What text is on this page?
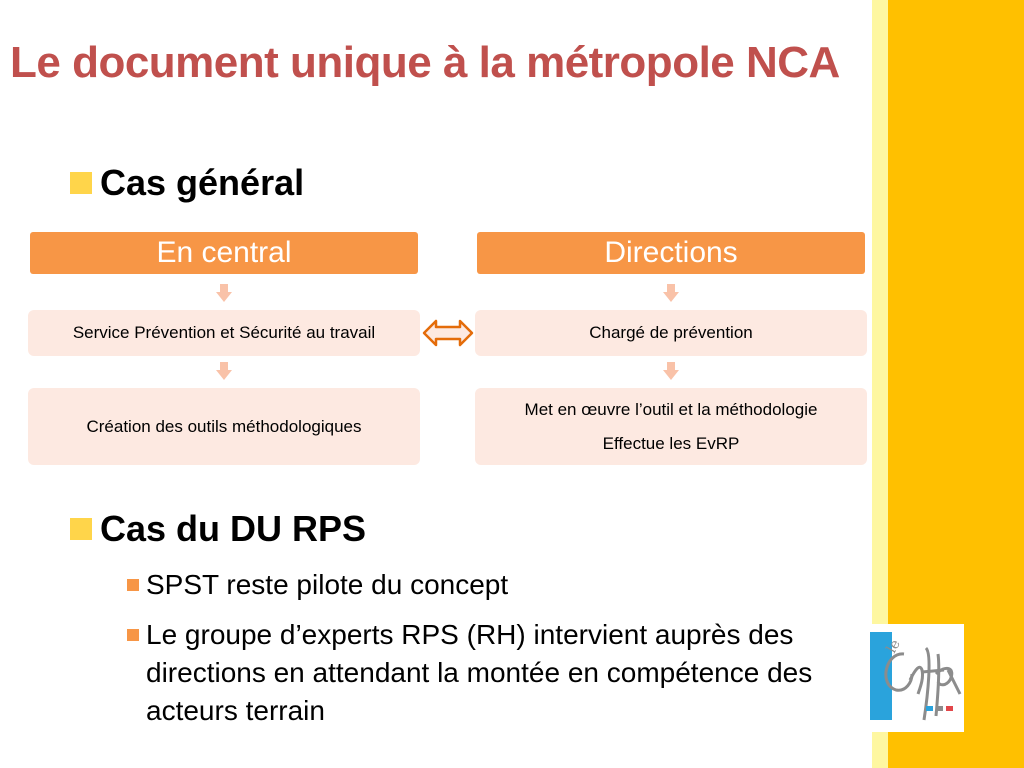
Le document unique à la métropole NCA
Cas général
En central
Service Prévention et Sécurité au travail
Création des outils méthodologiques
Directions
Chargé de prévention
Met en œuvre l’outil et la méthodologie
Effectue les EvRP
Cas du DU RPS
SPST reste pilote du concept
Le groupe d’experts RPS (RH) intervient auprès des directions en attendant la montée en compétence des acteurs terrain
le
